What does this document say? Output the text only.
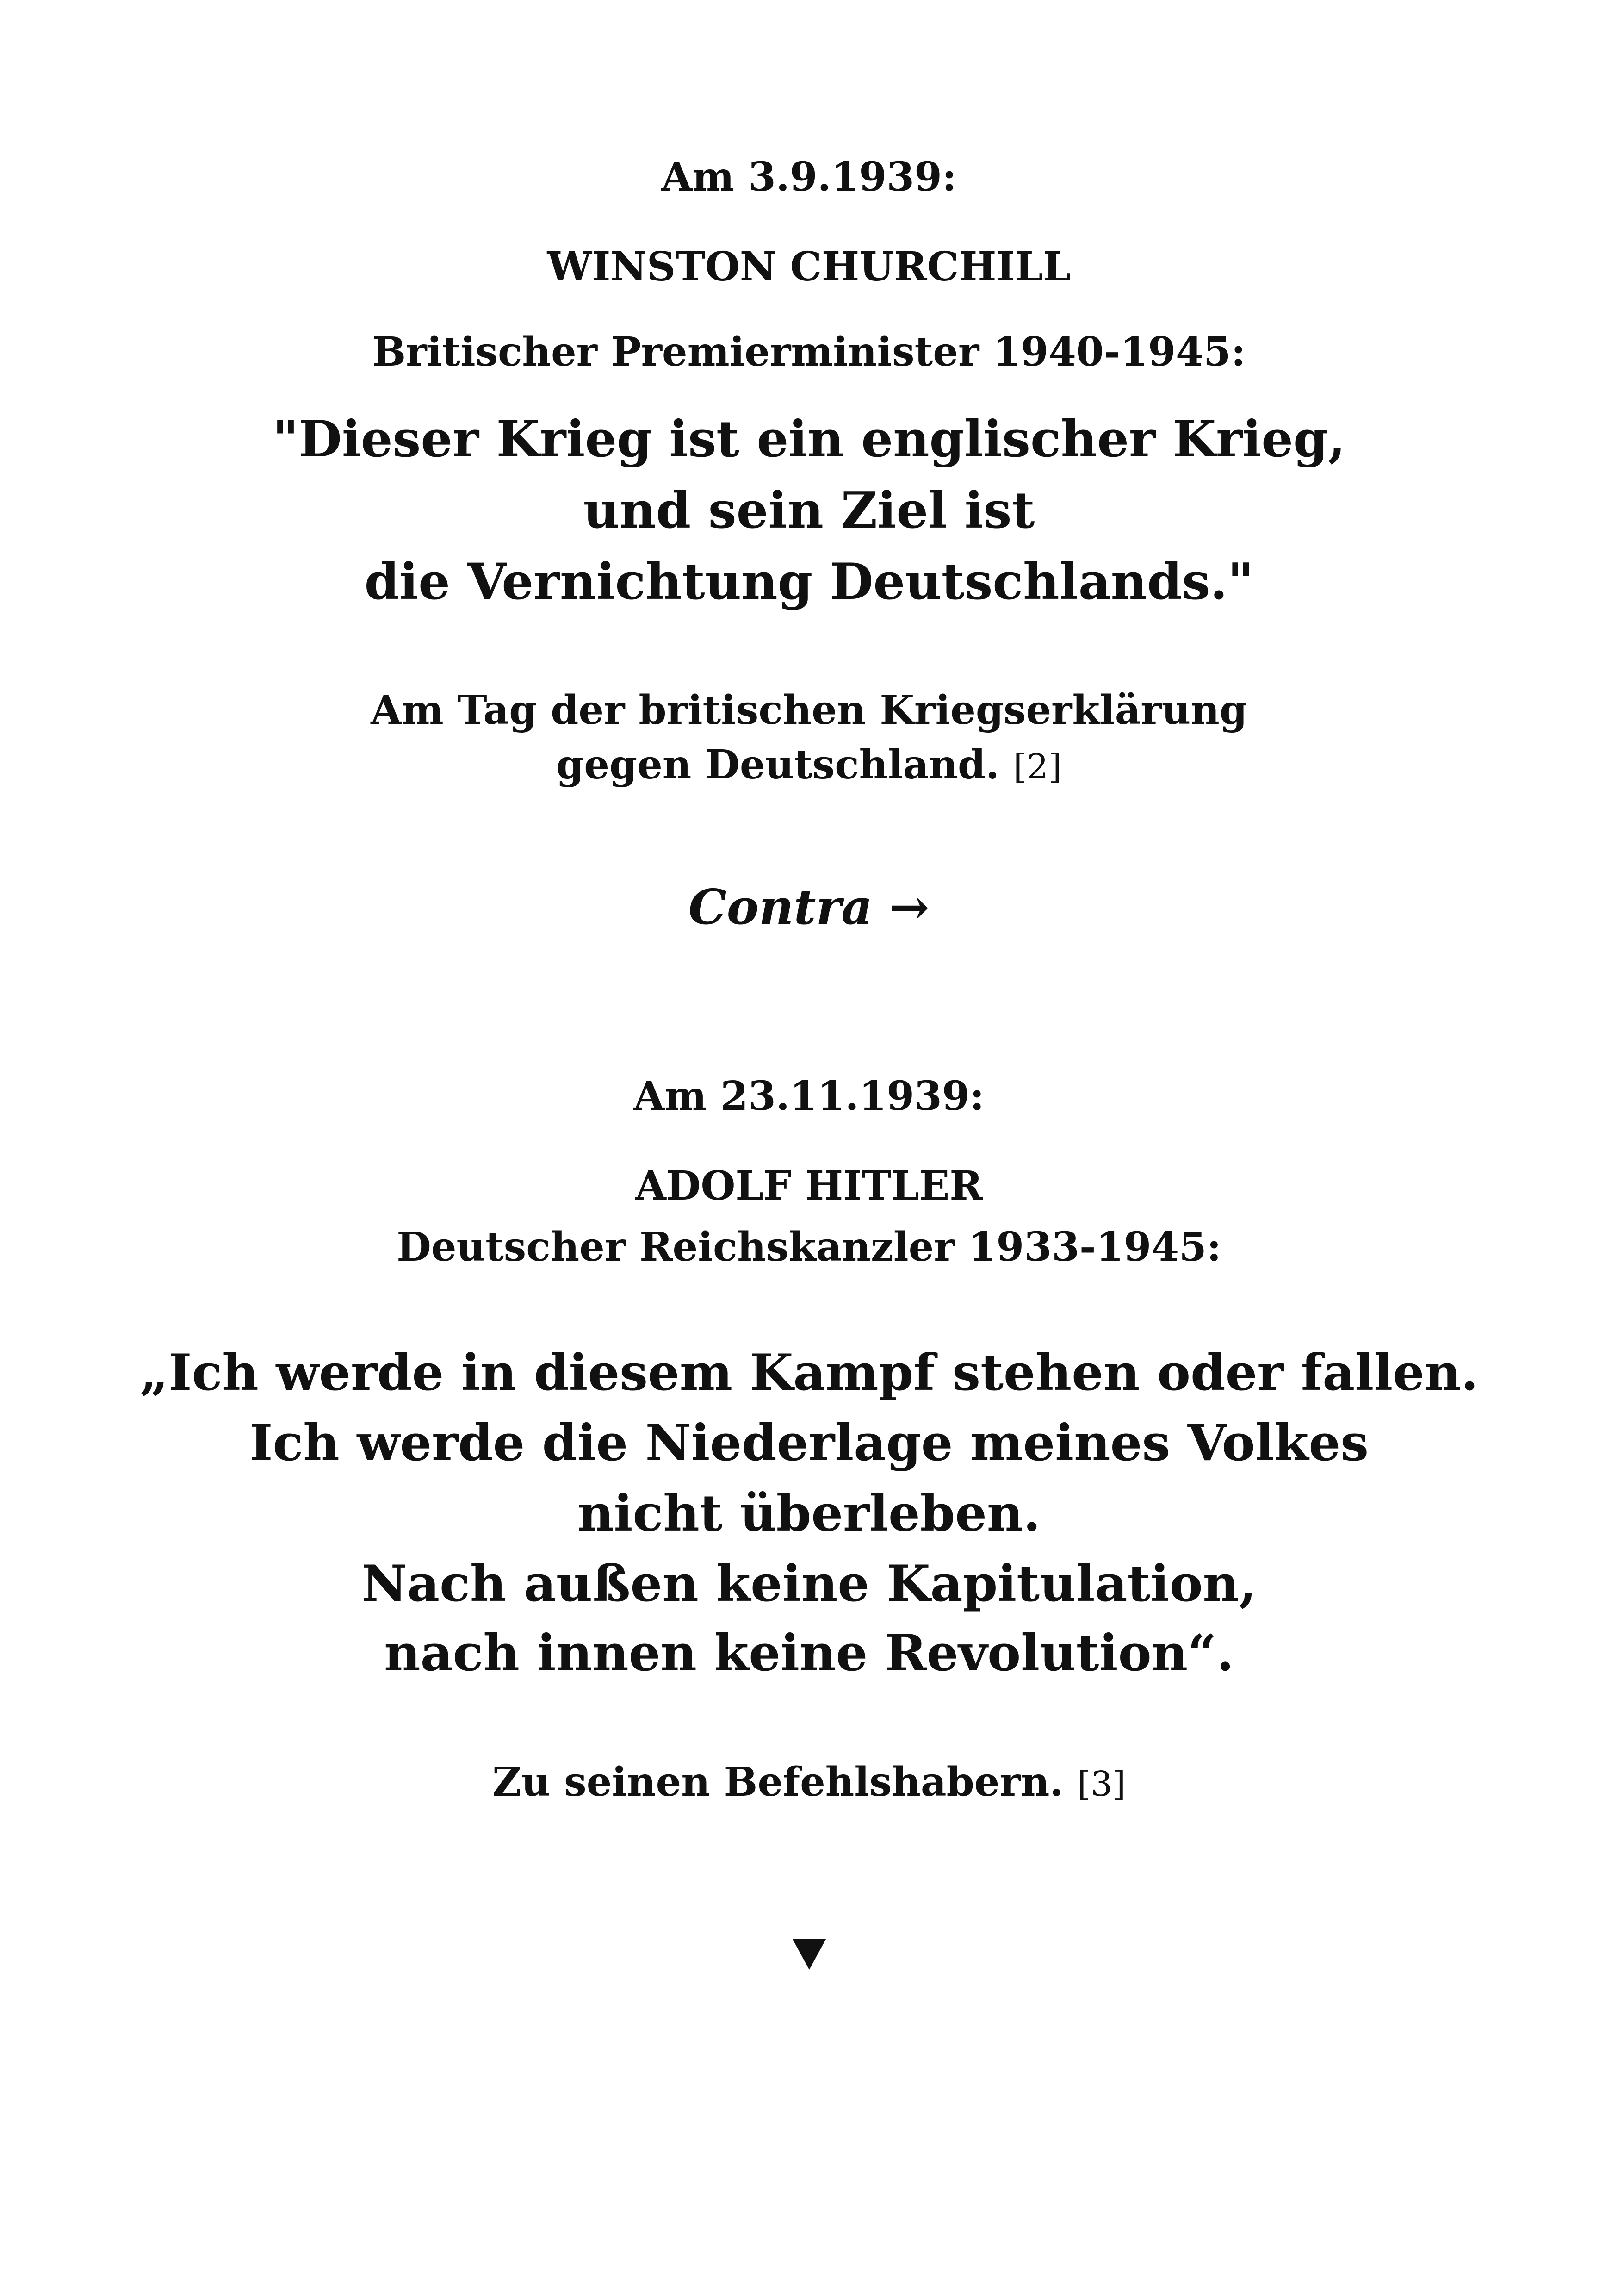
Am 3.9.1939:
WINSTON CHURCHILL
Britischer Premierminister 1940-1945:
"Dieser Krieg ist ein englischer Krieg,
und sein Ziel ist
die Vernichtung Deutschlands."
Am Tag der britischen Kriegserklärung
gegen Deutschland. [2]
Contra →
Am 23.11.1939:
ADOLF HITLER
Deutscher Reichskanzler 1933-1945:
„Ich werde in diesem Kampf stehen oder fallen.
Ich werde die Niederlage meines Volkes
nicht überleben.
Nach außen keine Kapitulation,
nach innen keine Revolution“.
Zu seinen Befehlshabern. [3]
